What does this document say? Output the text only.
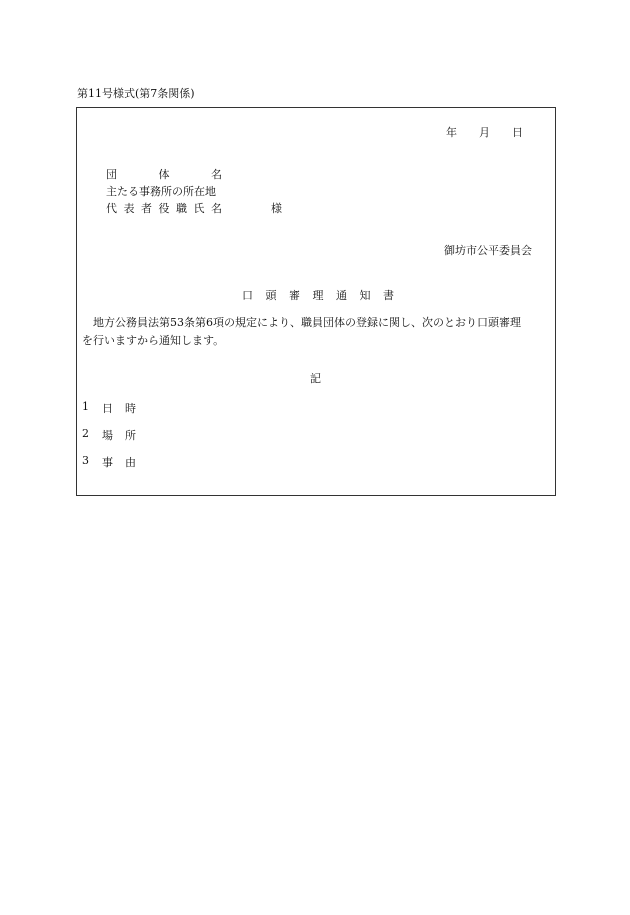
第11号様式(第7条関係)
年 月 日
団	体	名
主たる事務所の所在地
代 表 者 役 職 氏 名	様
御坊市公平委員会
口 頭 審 理 通 知 書
地方公務員法第53条第6項の規定により、職員団体の登録に関し、次のとおり口頭審理
を行いますから通知します。
記
1	日 時
2	場 所
3	事 由
